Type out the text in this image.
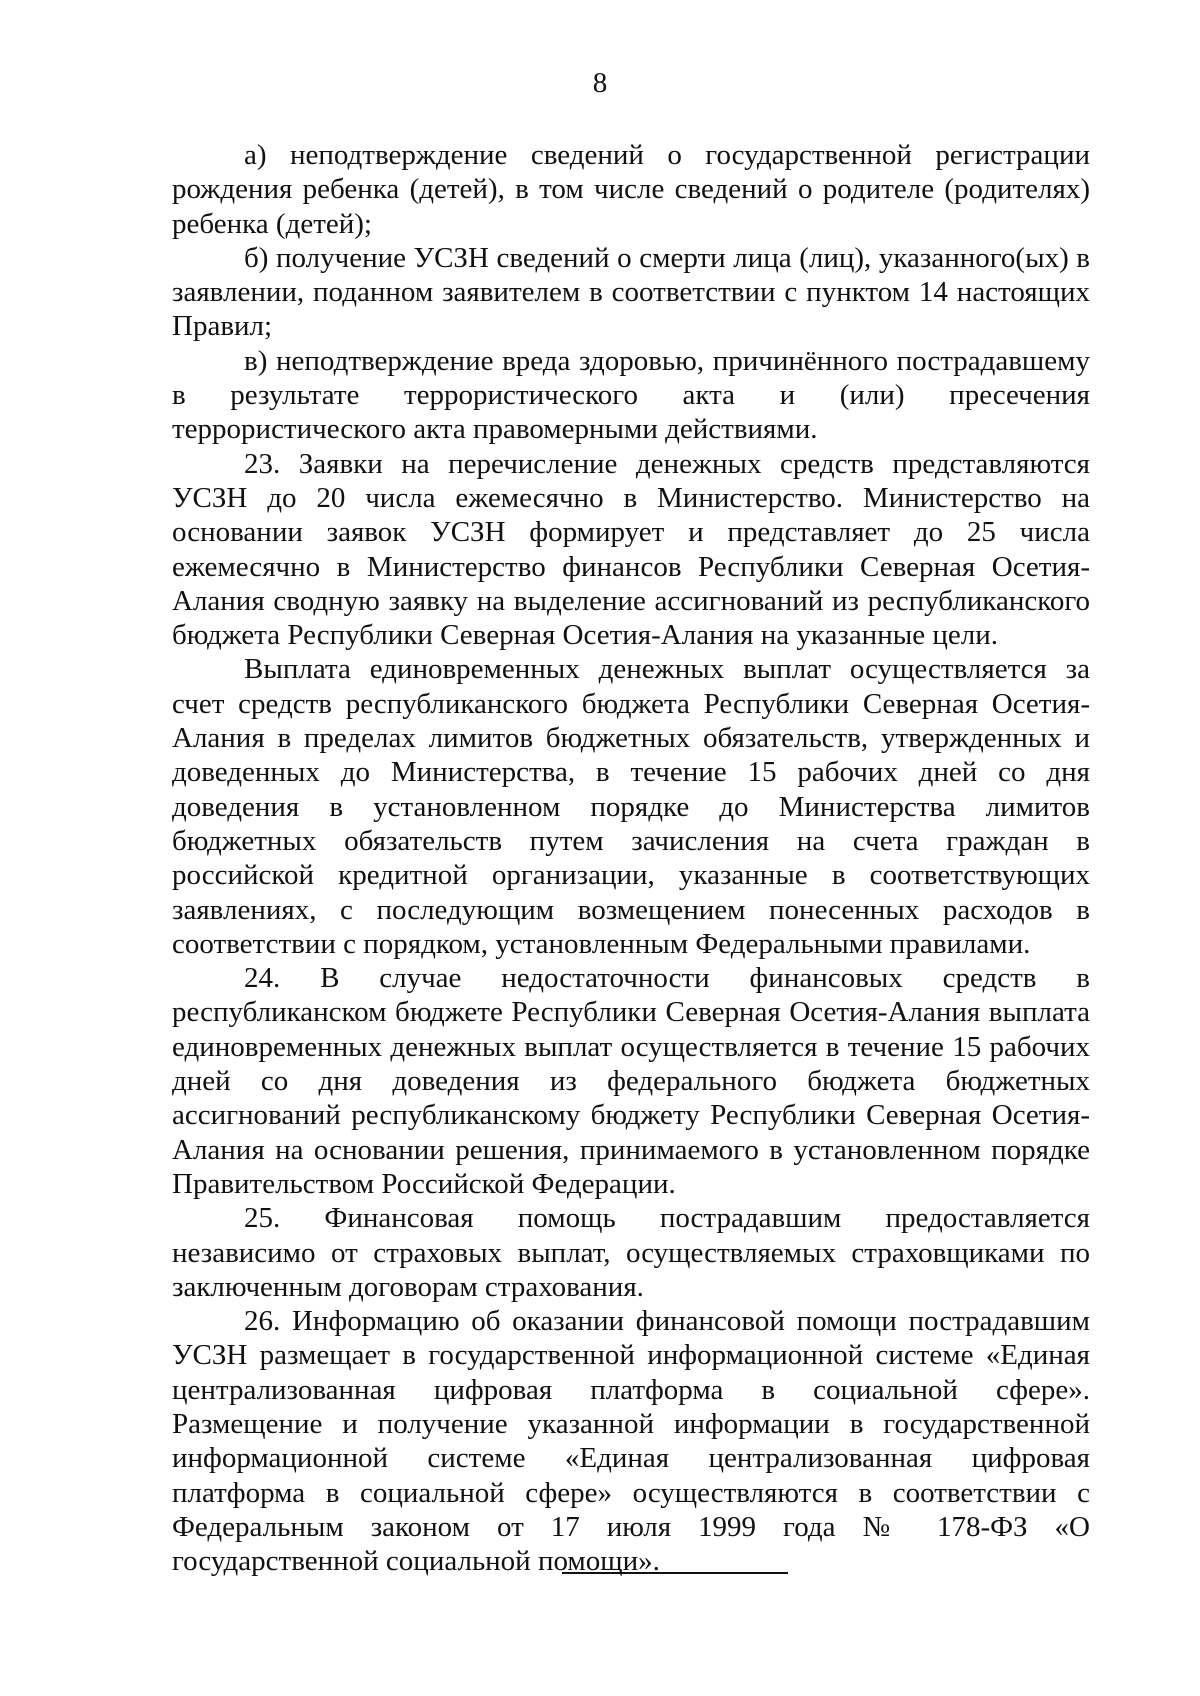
8

а) неподтверждение сведений о государственной регистрации рождения ребенка (детей), в том числе сведений о родителе (родителях) ребенка (детей);

б) получение УСЗН сведений о смерти лица (лиц), указанного(ых) в заявлении, поданном заявителем в соответствии с пунктом 14 настоящих Правил;

в) неподтверждение вреда здоровью, причинённого пострадавшему в результате террористического акта и (или) пресечения террористического акта правомерными действиями.

23. Заявки на перечисление денежных средств представляются УСЗН до 20 числа ежемесячно в Министерство. Министерство на основании заявок УСЗН формирует и представляет до 25 числа ежемесячно в Министерство финансов Республики Северная Осетия-Алания сводную заявку на выделение ассигнований из республиканского бюджета Республики Северная Осетия-Алания на указанные цели.

Выплата единовременных денежных выплат осуществляется за счет средств республиканского бюджета Республики Северная Осетия-Алания в пределах лимитов бюджетных обязательств, утвержденных и доведенных до Министерства, в течение 15 рабочих дней со дня доведения в установленном порядке до Министерства лимитов бюджетных обязательств путем зачисления на счета граждан в российской кредитной организации, указанные в соответствующих заявлениях, с последующим возмещением понесенных расходов в соответствии с порядком, установленным Федеральными правилами.

24. В случае недостаточности финансовых средств в республиканском бюджете Республики Северная Осетия-Алания выплата единовременных денежных выплат осуществляется в течение 15 рабочих дней со дня доведения из федерального бюджета бюджетных ассигнований республиканскому бюджету Республики Северная Осетия-Алания на основании решения, принимаемого в установленном порядке Правительством Российской Федерации.

25. Финансовая помощь пострадавшим предоставляется независимо от страховых выплат, осуществляемых страховщиками по заключенным договорам страхования.

26. Информацию об оказании финансовой помощи пострадавшим УСЗН размещает в государственной информационной системе «Единая централизованная цифровая платформа в социальной сфере». Размещение и получение указанной информации в государственной информационной системе «Единая централизованная цифровая платформа в социальной сфере» осуществляются в соответствии с Федеральным законом от 17 июля 1999 года № 178-ФЗ «О государственной социальной помощи».
